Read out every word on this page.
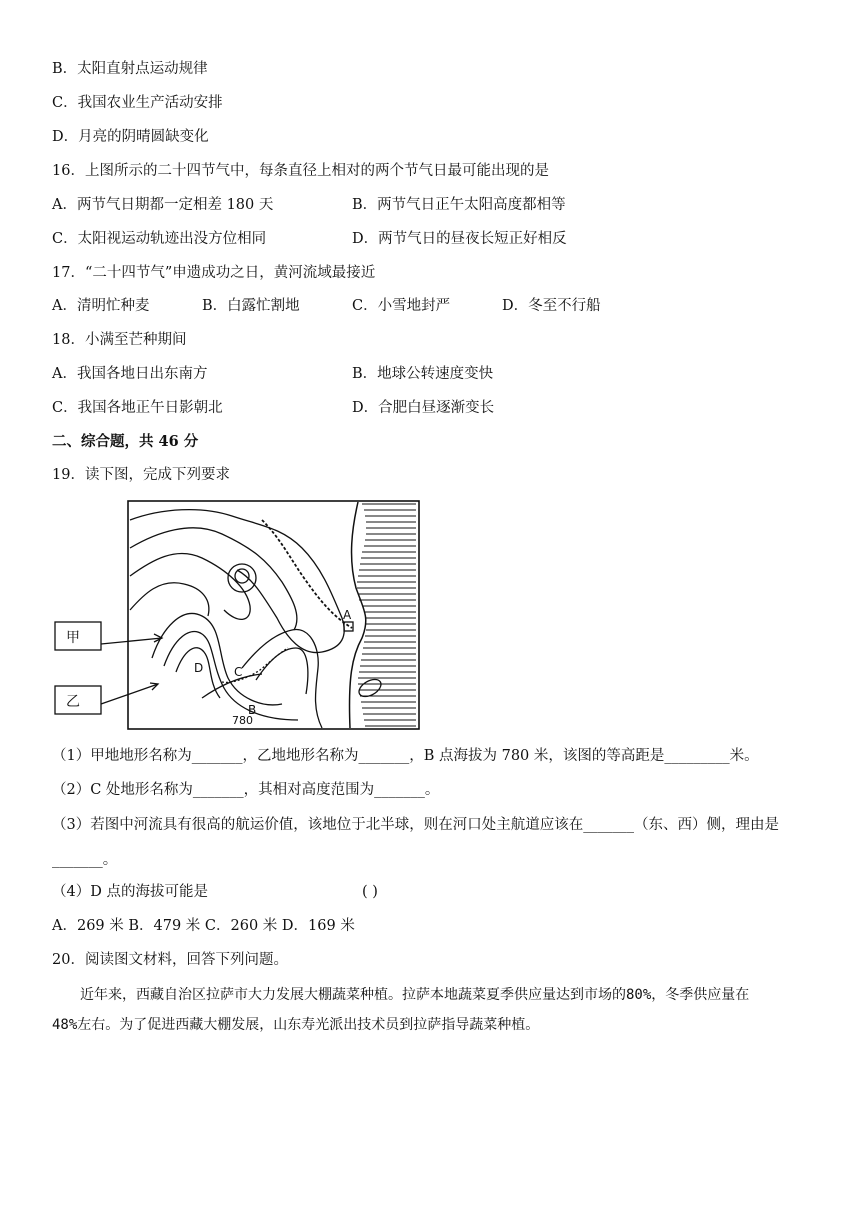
B．太阳直射点运动规律
C．我国农业生产活动安排
D．月亮的阴晴圆缺变化
16．上图所示的二十四节气中，每条直径上相对的两个节气日最可能出现的是
A．两节气日期都一定相差 180 天	B．两节气日正午太阳高度都相等
C．太阳视运动轨迹出没方位相同	D．两节气日的昼夜长短正好相反
17．“二十四节气”申遗成功之日，黄河流域最接近
A．清明忙种麦	B．白露忙割地	C．小雪地封严	D．冬至不行船
18．小满至芒种期间
A．我国各地日出东南方	B．地球公转速度变快
C．我国各地正午日影朝北	D．合肥白昼逐渐变长
二、综合题，共 46 分
19．读下图，完成下列要求
甲
乙
A
B
C
D
780
（1）甲地地形名称为_______，乙地地形名称为_______，B 点海拔为 780 米，该图的等高距是_________米。
（2）C 处地形名称为_______，其相对高度范围为_______。
（3）若图中河流具有很高的航运价值，该地位于北半球，则在河口处主航道应该在_______（东、西）侧，理由是
_______。
（4）D 点的海拔可能是	( )
A．269 米 B．479 米 C．260 米 D．169 米
20．阅读图文材料，回答下列问题。
近年来，西藏自治区拉萨市大力发展大棚蔬菜种植。拉萨本地蔬菜夏季供应量达到市场的80%，冬季供应量在
48%左右。为了促进西藏大棚发展，山东寿光派出技术员到拉萨指导蔬菜种植。
